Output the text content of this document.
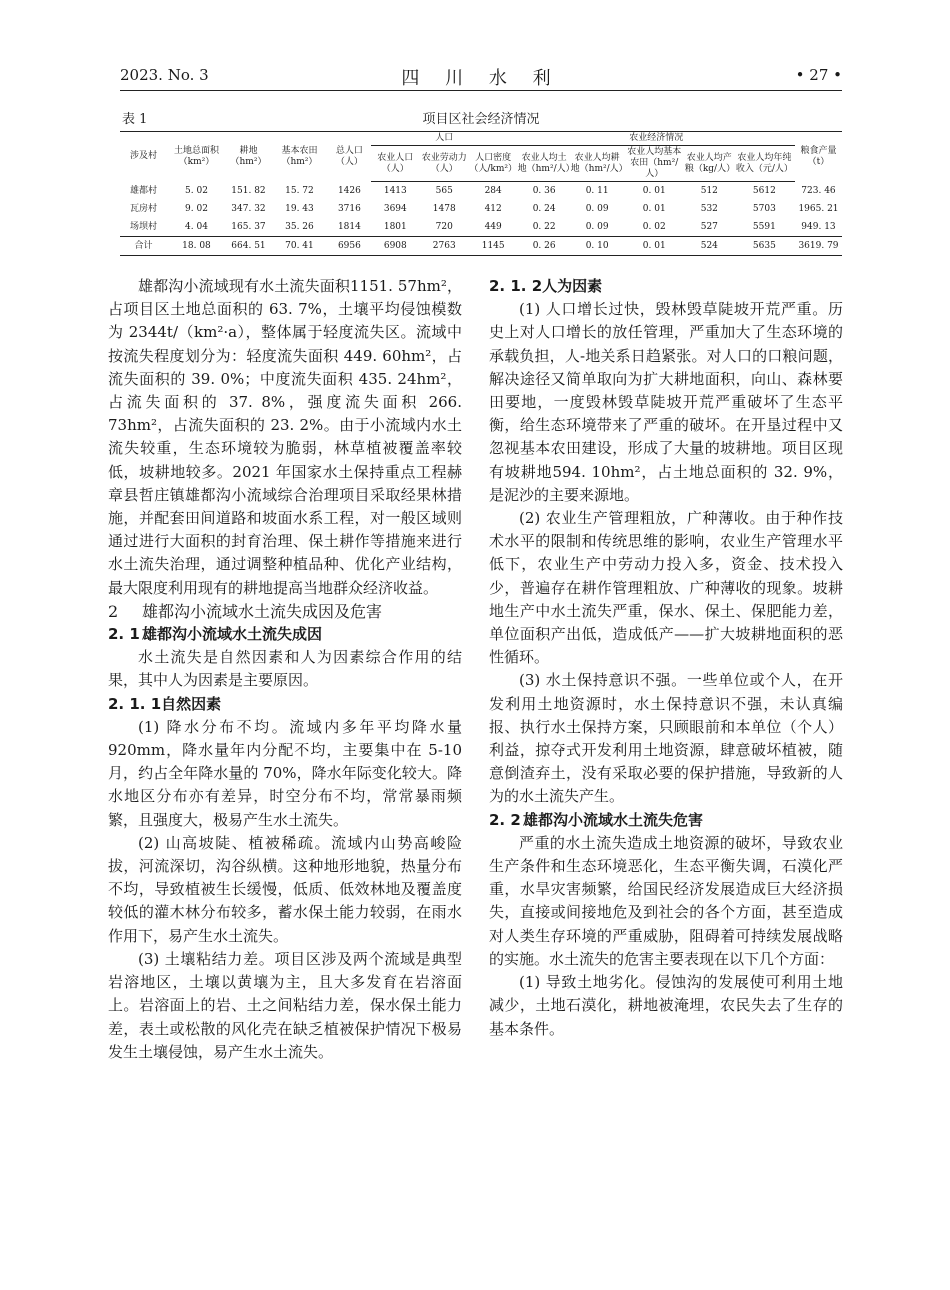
2023. No. 3	四 川 水 利	• 27 •
表 1	项目区社会经济情况
涉及村	土地总面积（km²）	耕地（hm²）	基本农田（hm²）	总人口（人）	人口			农业经济情况					粮食产量（t）
					农业人口（人）	农业劳动力（人）	人口密度（人/km²）	农业人均土地（hm²/人）	农业人均耕地（hm²/人）	农业人均基本农田（hm²/人）	农业人均产粮（kg/人）	农业人均年纯收入（元/人）	
雄都村	5. 02	151. 82	15. 72	1426	1413	565	284	0. 36	0. 11	0. 01	512	5612	723. 46
瓦房村	9. 02	347. 32	19. 43	3716	3694	1478	412	0. 24	0. 09	0. 01	532	5703	1965. 21
场坝村	4. 04	165. 37	35. 26	1814	1801	720	449	0. 22	0. 09	0. 02	527	5591	949. 13
合计	18. 08	664. 51	70. 41	6956	6908	2763	1145	0. 26	0. 10	0. 01	524	5635	3619. 79

雄都沟小流域现有水土流失面积1151. 57hm²，占项目区土地总面积的 63. 7%，土壤平均侵蚀模数为 2344t/（km²·a），整体属于轻度流失区。流域中按流失程度划分为：轻度流失面积 449. 60hm²，占流失面积的 39. 0%；中度流失面积 435. 24hm²，占流失面积的 37. 8%，强度流失面积 266. 73hm²，占流失面积的 23. 2%。由于小流域内水土流失较重，生态环境较为脆弱，林草植被覆盖率较低，坡耕地较多。2021 年国家水土保持重点工程赫章县哲庄镇雄都沟小流域综合治理项目采取经果林措施，并配套田间道路和坡面水系工程，对一般区域则通过进行大面积的封育治理、保土耕作等措施来进行水土流失治理，通过调整种植品种、优化产业结构，最大限度利用现有的耕地提高当地群众经济收益。

2 雄都沟小流域水土流失成因及危害
2. 1 雄都沟小流域水土流失成因

水土流失是自然因素和人为因素综合作用的结果，其中人为因素是主要原因。

2. 1. 1自然因素

(1) 降水分布不均。流域内多年平均降水量 920mm，降水量年内分配不均，主要集中在 5-10 月，约占全年降水量的 70%，降水年际变化较大。降水地区分布亦有差异，时空分布不均，常常暴雨频繁，且强度大，极易产生水土流失。

(2) 山高坡陡、植被稀疏。流域内山势高峻险拔，河流深切，沟谷纵横。这种地形地貌，热量分布不均，导致植被生长缓慢，低质、低效林地及覆盖度较低的灌木林分布较多，蓄水保土能力较弱，在雨水作用下，易产生水土流失。

(3) 土壤粘结力差。项目区涉及两个流域是典型岩溶地区，土壤以黄壤为主，且大多发育在岩溶面上。岩溶面上的岩、土之间粘结力差，保水保土能力差，表土或松散的风化壳在缺乏植被保护情况下极易发生土壤侵蚀，易产生水土流失。

2. 1. 2人为因素

(1) 人口增长过快，毁林毁草陡坡开荒严重。历史上对人口增长的放任管理，严重加大了生态环境的承载负担，人-地关系日趋紧张。对人口的口粮问题，解决途径又简单取向为扩大耕地面积，向山、森林要田要地，一度毁林毁草陡坡开荒严重破坏了生态平衡，给生态环境带来了严重的破坏。在开垦过程中又忽视基本农田建设，形成了大量的坡耕地。项目区现有坡耕地594. 10hm²，占土地总面积的 32. 9%，是泥沙的主要来源地。

(2) 农业生产管理粗放，广种薄收。由于种作技术水平的限制和传统思维的影响，农业生产管理水平低下，农业生产中劳动力投入多，资金、技术投入少，普遍存在耕作管理粗放、广种薄收的现象。坡耕地生产中水土流失严重，保水、保土、保肥能力差，单位面积产出低，造成低产——扩大坡耕地面积的恶性循环。

(3) 水土保持意识不强。一些单位或个人，在开发利用土地资源时，水土保持意识不强，未认真编报、执行水土保持方案，只顾眼前和本单位（个人）利益，掠夺式开发利用土地资源，肆意破坏植被，随意倒渣弃土，没有采取必要的保护措施，导致新的人为的水土流失产生。

2. 2 雄都沟小流域水土流失危害

严重的水土流失造成土地资源的破坏，导致农业生产条件和生态环境恶化，生态平衡失调，石漠化严重，水旱灾害频繁，给国民经济发展造成巨大经济损失，直接或间接地危及到社会的各个方面，甚至造成对人类生存环境的严重威胁，阻碍着可持续发展战略的实施。水土流失的危害主要表现在以下几个方面：

(1) 导致土地劣化。侵蚀沟的发展使可利用土地减少，土地石漠化，耕地被淹埋，农民失去了生存的基本条件。
